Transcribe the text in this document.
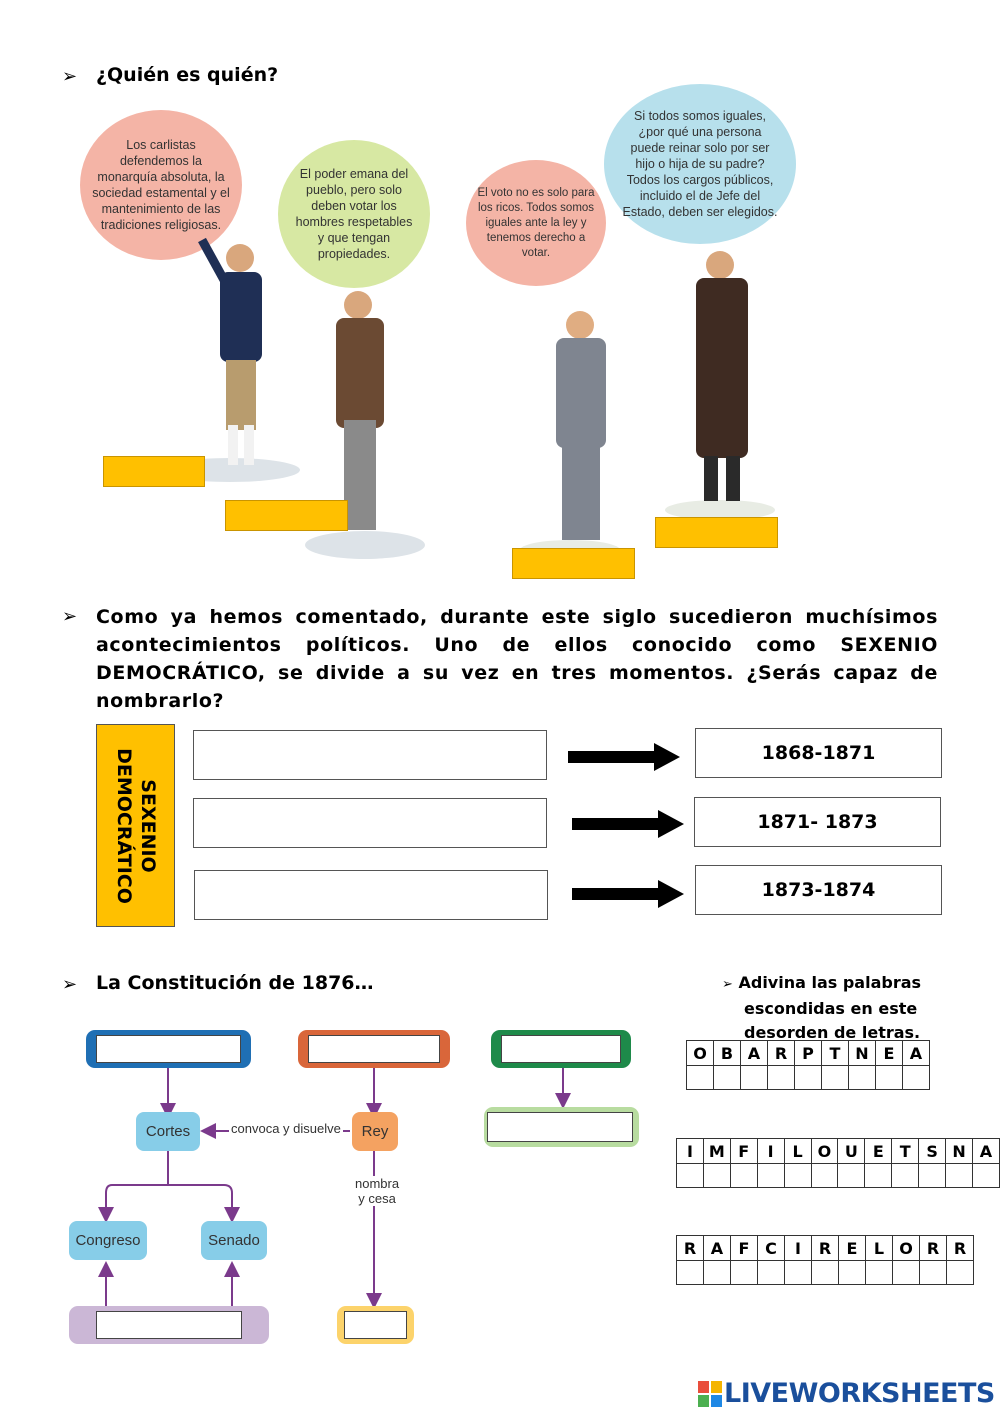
➢ ¿Quién es quién?
Los carlistas defendemos la monarquía absoluta, la sociedad estamental y el mantenimiento de las tradiciones religiosas.
El poder emana del pueblo, pero solo deben votar los hombres respetables y que tengan propiedades.
El voto no es solo para los ricos. Todos somos iguales ante la ley y tenemos derecho a votar.
Si todos somos iguales, ¿por qué una persona puede reinar solo por ser hijo o hija de su padre? Todos los cargos públicos, incluido el de Jefe del Estado, deben ser elegidos.
➢ Como ya hemos comentado, durante este siglo sucedieron muchísimos acontecimientos políticos. Uno de ellos conocido como SEXENIO DEMOCRÁTICO, se divide a su vez en tres momentos. ¿Serás capaz de nombrarlo?
SEXENIO
DEMOCRÁTICO	1868-1871
1871- 1873
1873-1874
➢ La Constitución de 1876…
Cortes	convoca y disuelve	Rey
nombra
y cesa
Congreso	Senado
➢ Adivina las palabras
escondidas en este
desorden de letras.
O	B	A	R	P	T	N	E	A

I	M	F	I	L	O	U	E	T	S	N	A

R	A	F	C	I	R	E	L	O	R	R

LIVEWORKSHEETS
